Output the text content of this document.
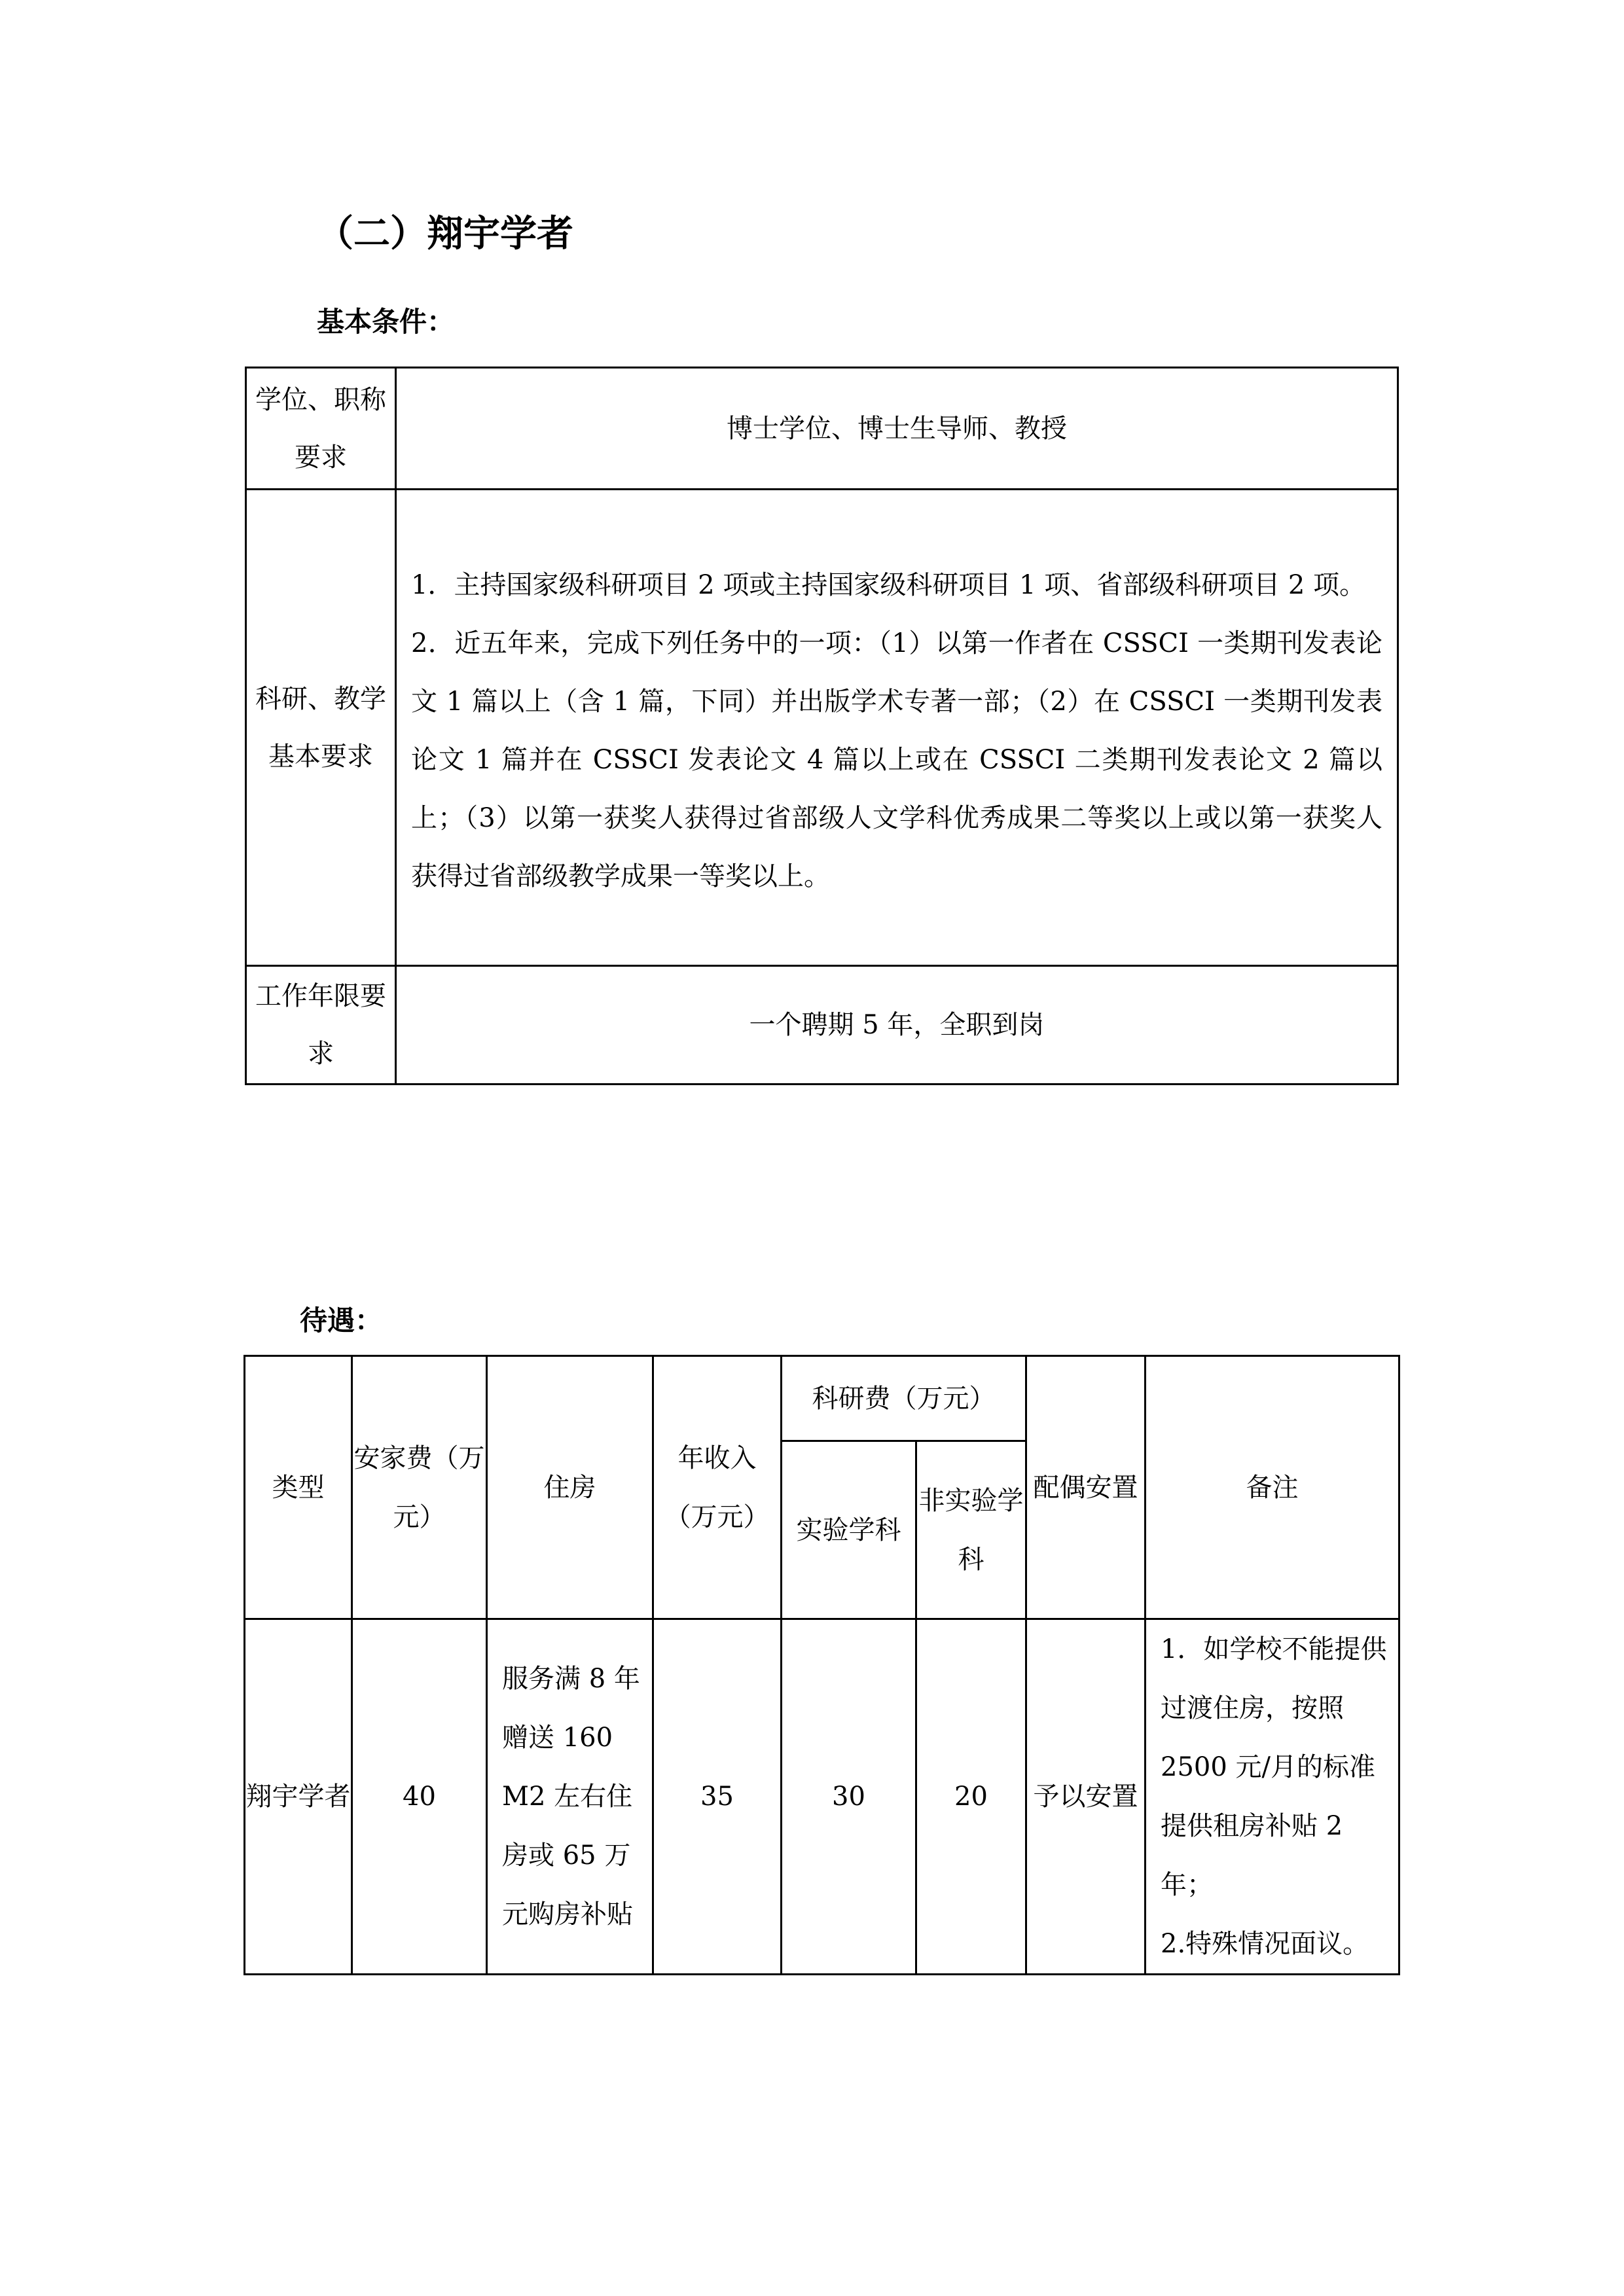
（二）翔宇学者
基本条件：
学位、职称要求	博士学位、博士生导师、教授

科研、教学基本要求	1．主持国家级科研项目 2 项或主持国家级科研项目 1 项、省部级科研项目 2 项。

2．近五年来，完成下列任务中的一项：（1）以第一作者在 CSSCI 一类期刊发表论文 1 篇以上（含 1 篇，下同）并出版学术专著一部；（2）在 CSSCI 一类期刊发表论文 1 篇并在 CSSCI 发表论文 4 篇以上或在 CSSCI 二类期刊发表论文 2 篇以上；（3）以第一获奖人获得过省部级人文学科优秀成果二等奖以上或以第一获奖人获得过省部级教学成果一等奖以上。

工作年限要求	一个聘期 5 年，全职到岗
待遇：
类型	安家费（万元）	住房	年收入（万元）	科研费（万元）		配偶安置	备注

				实验学科	非实验学科		

翔宇学者	40	服务满 8 年赠送 160 M2 左右住房或 65 万元购房补贴	35	30	20	予以安置	1．如学校不能提供过渡住房，按照 2500 元/月的标准提供租房补贴 2 年；
2.特殊情况面议。
